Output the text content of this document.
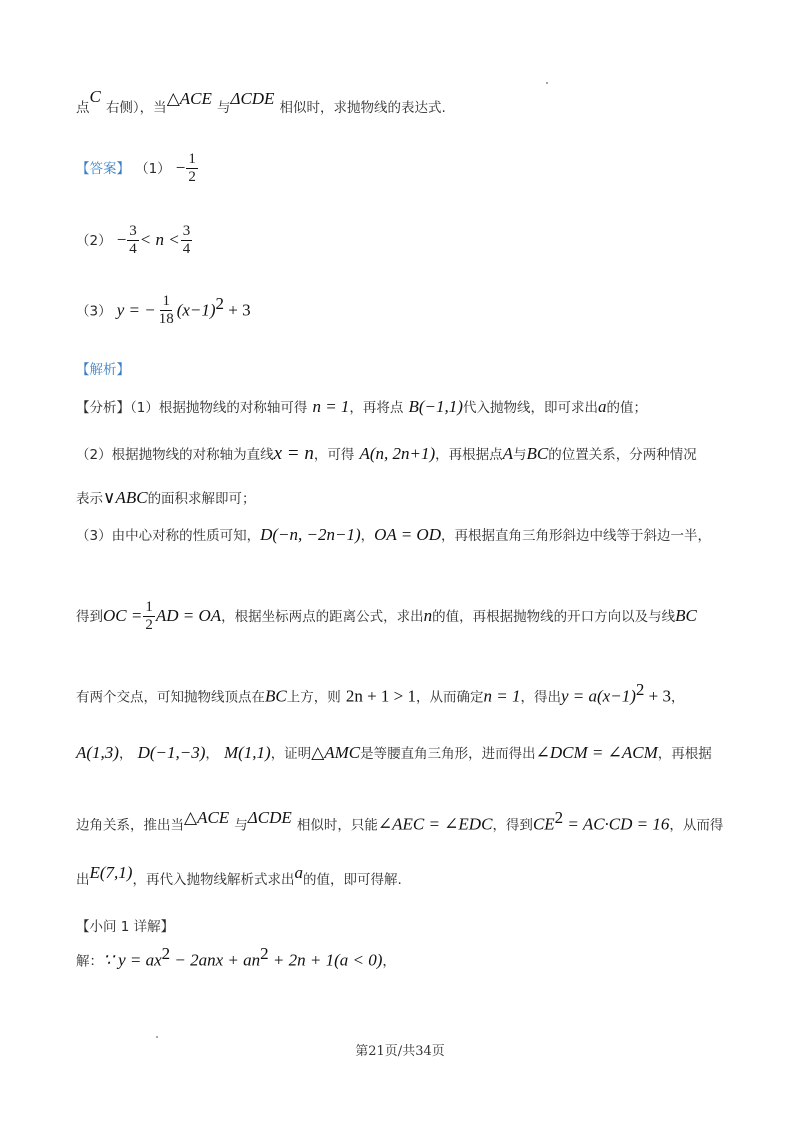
点C 右侧），当△ACE 与ΔCDE 相似时，求抛物线的表达式.
【答案】 $(1) - \frac{1}{2}$
$(2) - \frac{3}{4} < n < \frac{3}{4}$
（3） y = − $\frac{1}{18} (x-1)^2 + 3$
【解析】
【分析】（1）根据抛物线的对称轴可得 n = 1，再将点 B(−1,1)代入抛物线，即可求出a的值；
（2）根据抛物线的对称轴为直线x = n，可得 A(n, 2n+1)，再根据点A与BC的位置关系，分两种情况
表示∨ABC的面积求解即可；
（3）由中心对称的性质可知，D(−n, −2n−1)，OA = OD，再根据直角三角形斜边中线等于斜边一半，
得到OC = $\frac{1}{2}$ AD = OA，根据坐标两点的距离公式，求出n的值，再根据抛物线的开口方向以及与线BC
有两个交点，可知抛物线顶点在BC上方，则 2n + 1 > 1，从而确定n = 1，得出$y = a(x-1)^2 + 3$，
A(1,3)， D(−1,−3)， M(1,1)，证明△AMC是等腰直角三角形，进而得出∠DCM = ∠ACM，再根据
边角关系，推出当△ACE 与ΔCDE 相似时，只能∠AEC = ∠EDC，得到$CE^2 = AC\cdot CD = 16$，从而得
出E(7,1)，再代入抛物线解析式求出a的值，即可得解.
【小问 1 详解】
解：∵ $y = ax^2 - 2anx + an^2 + 2n + 1(a < 0)$，
第21页/共34页
